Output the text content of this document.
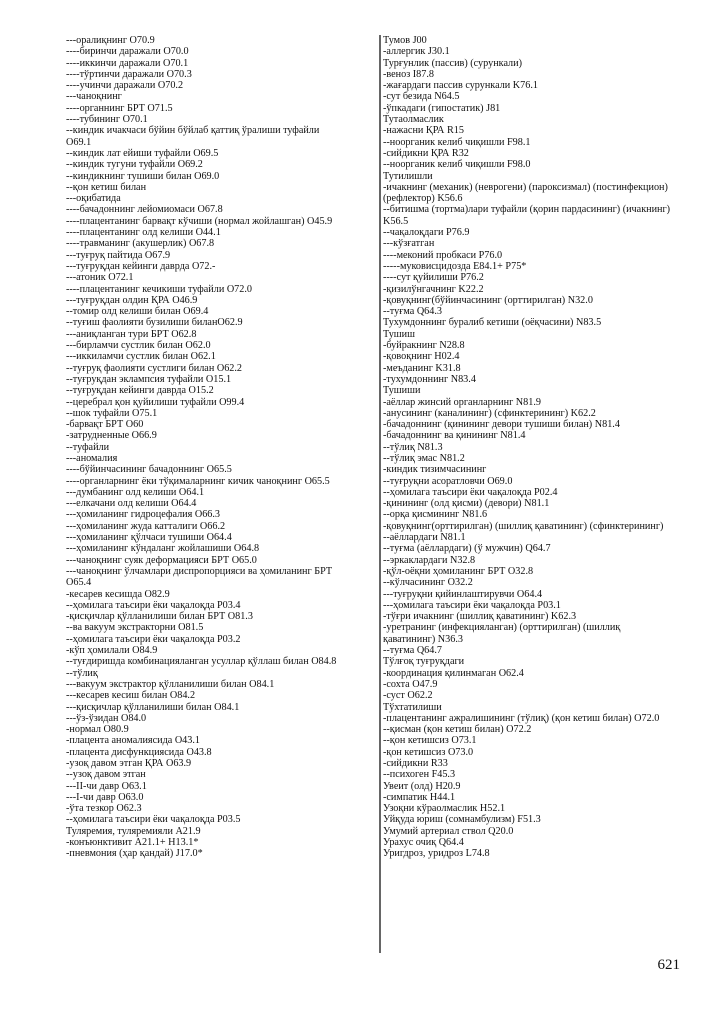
---оралиқнинг O70.9
----биринчи даражали O70.0
----иккинчи даражали O70.1
----тўртинчи даражали O70.3
----учинчи даражали O70.2
---чаноқнинг
----органнинг БРТ O71.5
----тубининг O70.1
--киндик ичакчаси бўйин бўйлаб қаттиқ ўралиши туфайли
O69.1
--киндик лат ейиши туфайли O69.5
--киндик тугуни туфайли O69.2
--киндикнинг тушиши билан O69.0
--қон кетиш билан
---оқибатида
----бачадоннинг лейомиомаси O67.8
----плацентанинг барвақт кўчиши (нормал жойлашган) O45.9
----плацентанинг олд келиши O44.1
----травманинг (акушерлик) O67.8
---туғруқ пайтида O67.9
---туғруқдан кейинги даврда O72.-
---атоник O72.1
----плацентанинг кечикиши туфайли O72.0
---туғруқдан олдин ҚРА O46.9
--томир олд келиши билан O69.4
--туғиш фаолияти бузилиши биланO62.9
---аниқланган тури БРТ O62.8
---бирламчи сустлик билан O62.0
---иккиламчи сустлик билан O62.1
--туғруқ фаолияти сустлиги билан O62.2
--туғруқдан эклампсия туфайли O15.1
--туғруқдан кейинги даврда O15.2
--церебрал қон қуйилиши туфайли O99.4
--шок туфайли O75.1
-барвақт БРТ O60
-затрудненные O66.9
--туфайли
---аномалия
----бўйинчасининг бачадоннинг O65.5
----органларнинг ёки тўқималарнинг кичик чаноқнинг O65.5
---думбанинг олд келиши O64.1
---елкачани олд келиши O64.4
---ҳомиланинг гидроцефалия O66.3
---ҳомиланинг жуда катталиги O66.2
---ҳомиланинг қўлчаси тушиши O64.4
---ҳомиланинг кўндаланг жойлашиши O64.8
---чаноқнинг суяк деформацияси БРТ O65.0
---чаноқнинг ўлчамлари диспропорцияси ва ҳомиланинг БРТ
O65.4
-кесарев кесишда O82.9
--ҳомилага таъсири ёки чақалоқда P03.4
-қисқичлар қўлланилиши билан БРТ O81.3
--ва вакуум экстракторни O81.5
--ҳомилага таъсири ёки чақалоқда P03.2
-кўп ҳомилали O84.9
--туғдиришда комбинацияланган усуллар қўллаш билан O84.8
--тўлиқ
---вакуум экстрактор қўлланилиши билан O84.1
---кесарев кесиш билан O84.2
---қисқичлар қўлланилиши билан O84.1
---ўз-ўзидан O84.0
-нормал O80.9
-плацента аномалиясида O43.1
-плацента дисфункциясида O43.8
-узоқ давом этган ҚРА O63.9
--узоқ давом этган
---II-чи давр O63.1
---I-чи давр O63.0
-ўта тезкор O62.3
--ҳомилага таъсири ёки чақалоқда P03.5
Туляремия, туляремияли A21.9
-конъюнктивит A21.1+ H13.1*
-пневмония (ҳар қандай) J17.0*
Тумов J00
-аллергик J30.1
Турғунлик (пассив) (сурункали)
-веноз I87.8
-жағардаги пассив сурункали K76.1
-сут безида N64.5
-ўпкадаги (гипостатик) J81
Тутаолмаслик
-нажасни ҚРА R15
--ноорганик келиб чиқишли F98.1
-сийдикни ҚРА R32
--ноорганик келиб чиқишли F98.0
Тутилишли
-ичакнинг (механик) (неврогени) (пароксизмал) (постинфекцион)
(рефлектор) K56.6
--битишма (тортма)лари туфайли (қорин пардасининг) (ичакнинг)
K56.5
--чақалоқдаги P76.9
---кўзғатган
----меконий пробкаси P76.0
-----муковисцидозда E84.1+ P75*
----сут қуйилиши P76.2
-қизилўнгачнинг K22.2
-қовуқнинг(бўйинчасининг (орттирилган) N32.0
--туғма Q64.3
Тухумдоннинг буралиб кетиши (оёқчасини) N83.5
Тушиш
-буйракнинг N28.8
-қовоқнинг H02.4
-меъданинг K31.8
-тухумдоннинг N83.4
Тушиши
-аёллар жинсий органларнинг N81.9
-анусининг (каналининг) (сфинктерининг) K62.2
-бачадоннинг (қинининг девори тушиши билан) N81.4
-бачадоннинг ва қинининг N81.4
--тўлиқ N81.3
--тўлиқ эмас N81.2
-киндик тизимчасининг
--туғруқни асоратловчи O69.0
--ҳомилага таъсири ёки чақалоқда P02.4
-қинининг (олд қисми) (девори) N81.1
--орқа қисмининг N81.6
-қовуқнинг(орттирилган) (шиллиқ қаватининг) (сфинктерининг)
--аёллардаги N81.1
--туғма (аёллардаги) (ў мужчин) Q64.7
--эркаклардаги N32.8
-қўл-оёқни ҳомиланинг БРТ O32.8
--кўлчасининг O32.2
---туғруқни қийинлаштирувчи O64.4
---ҳомилага таъсири ёки чақалоқда P03.1
-тўғри ичакнинг (шиллиқ қаватининг) K62.3
-уретранинг (инфекцияланган) (орттирилган) (шиллиқ
қаватининг) N36.3
--туғма Q64.7
Тўлғоқ туғруқдаги
-координация қилинмаган O62.4
-сохта O47.9
-суст O62.2
Тўхтатилиши
-плацентанинг ажралишининг (тўлиқ) (қон кетиш билан) O72.0
--қисман (қон кетиш билан) O72.2
--қон кетишсиз O73.1
-қон кетишсиз O73.0
-сийдикни R33
--психоген F45.3
Увеит (олд) H20.9
-симпатик H44.1
Узоқни кўраолмаслик H52.1
Уйқуда юриш (сомнамбулизм) F51.3
Умумий артериал ствол Q20.0
Урахус очиқ Q64.4
Уригдроз, уридроз L74.8
621
